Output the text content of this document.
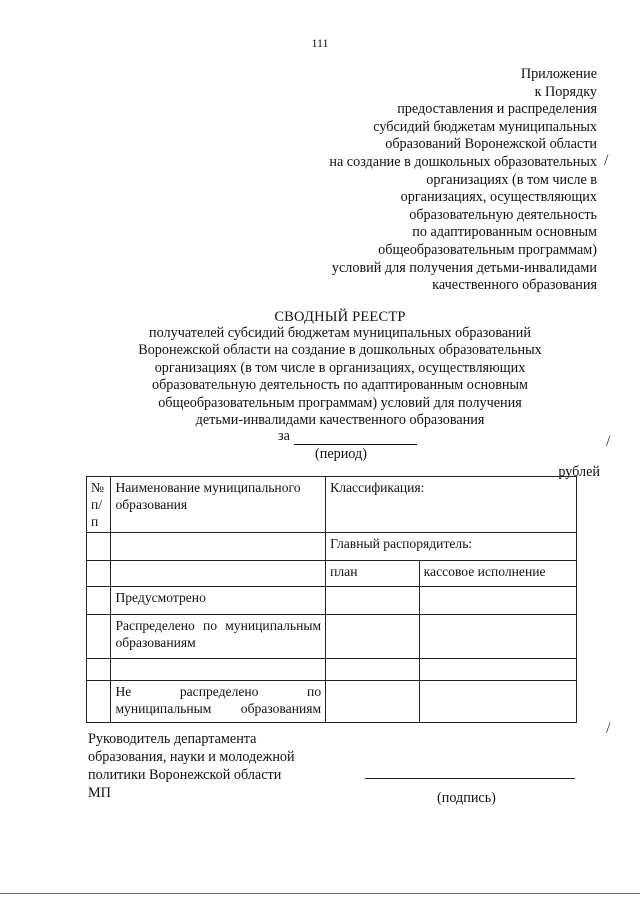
111
Приложение
к Порядку
предоставления и распределения
субсидий бюджетам муниципальных
образований Воронежской области
на создание в дошкольных образовательных
организациях (в том числе в
организациях, осуществляющих
образовательную деятельность
по адаптированным основным
общеобразовательным программам)
условий для получения детьми-инвалидами
качественного образования
СВОДНЫЙ РЕЕСТР
получателей субсидий бюджетам муниципальных образований
Воронежской области на создание в дошкольных образовательных
организациях (в том числе в организациях, осуществляющих
образовательную деятельность по адаптированным основным
общеобразовательным программам) условий для получения
детьми-инвалидами качественного образования
за
(период)
рублей
№ п/п	Наименование муниципального образования	Классификация:	
		Главный распорядитель:	
		план	кассовое исполнение
	Предусмотрено		
	Распределено по муниципальным образованиям		

	Не распределено по муниципальным образованиям		
Руководитель департамента
образования, науки и молодежной
политики Воронежской области
МП	(подпись)
/
/
/
